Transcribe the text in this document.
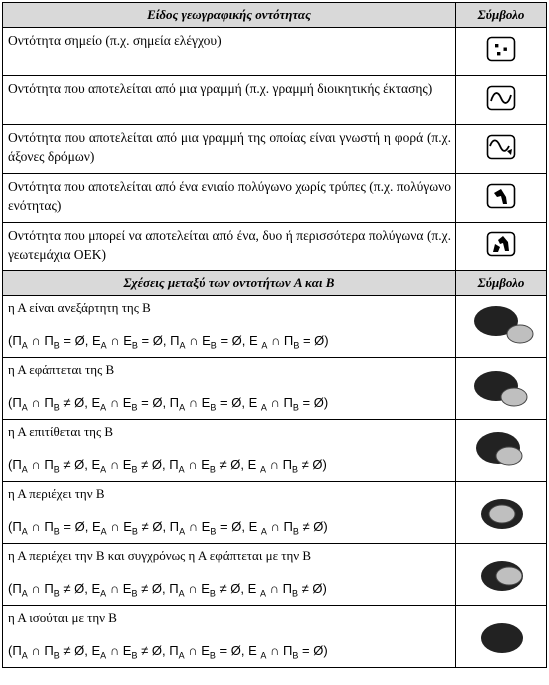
Είδος γεωγραφικής οντότητας	Σύμβολο
Οντότητα σημείο (π.χ. σημεία ελέγχου)	
Οντότητα που αποτελείται από μια γραμμή (π.χ. γραμμή διοικητικής έκτασης)	
Οντότητα που αποτελείται από μια γραμμή της οποίας είναι γνωστή η φορά (π.χ. άξονες δρόμων)	
Οντότητα που αποτελείται από ένα ενιαίο πολύγωνο χωρίς τρύπες (π.χ. πολύγωνο ενότητας)	
Οντότητα που μπορεί να αποτελείται από ένα, δυο ή περισσότερα πολύγωνα (π.χ. γεωτεμάχια ΟΕΚ)	
Σχέσεις μεταξύ των οντοτήτων A και B	Σύμβολο
η Α είναι ανεξάρτητη της Β
($\Pi_A$ ∩ $\Pi_B$ = Ø, $E_A$ ∩ $E_B$ = Ø, $\Pi_A$ ∩ $E_B$ = Ø, Ε $_A$ ∩ $\Pi_B$ = Ø)

η Α εφάπτεται της Β
($\Pi_A$ ∩ $\Pi_B$ ≠ Ø, $E_A$ ∩ $E_B$ = Ø, $\Pi_A$ ∩ $E_B$ = Ø, Ε $_A$ ∩ $\Pi_B$ = Ø)

η Α επιτίθεται της Β
($\Pi_A$ ∩ $\Pi_B$ ≠ Ø, $E_A$ ∩ $E_B$ ≠ Ø, $\Pi_A$ ∩ $E_B$ ≠ Ø, Ε $_A$ ∩ $\Pi_B$ ≠ Ø)

η Α περιέχει την Β
($\Pi_A$ ∩ $\Pi_B$ = Ø, $E_A$ ∩ $E_B$ ≠ Ø, $\Pi_A$ ∩ $E_B$ = Ø, Ε $_A$ ∩ $\Pi_B$ ≠ Ø)

η Α περιέχει την Β και συγχρόνως η Α εφάπτεται με την Β
($\Pi_A$ ∩ $\Pi_B$ ≠ Ø, $E_A$ ∩ $E_B$ ≠ Ø, $\Pi_A$ ∩ $E_B$ ≠ Ø, Ε $_A$ ∩ $\Pi_B$ ≠ Ø)

η Α ισούται με την Β
($\Pi_A$ ∩ $\Pi_B$ ≠ Ø, $E_A$ ∩ $E_B$ ≠ Ø, $\Pi_A$ ∩ $E_B$ = Ø, Ε $_A$ ∩ $\Pi_B$ = Ø)
